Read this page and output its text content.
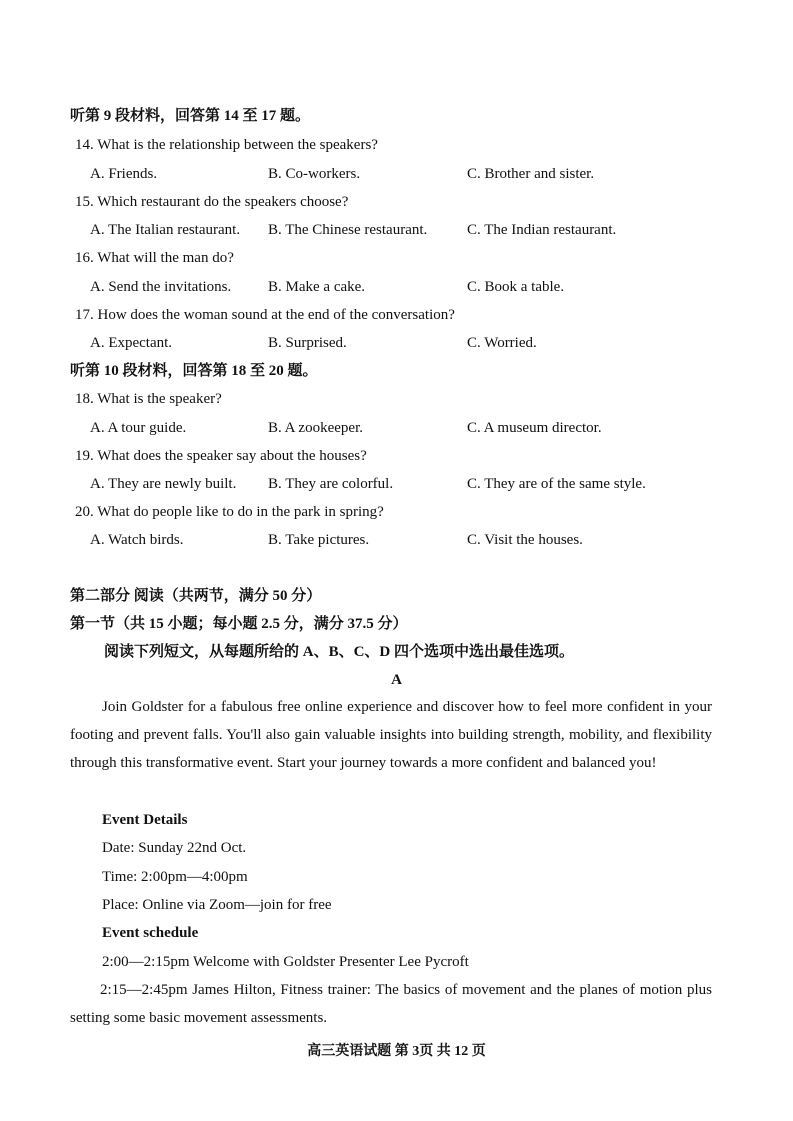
听第 9 段材料，回答第 14 至 17 题。
14. What is the relationship between the speakers?
A. Friends.	B. Co-workers.	C. Brother and sister.
15. Which restaurant do the speakers choose?
A. The Italian restaurant. B. The Chinese restaurant.	C. The Indian restaurant.
16. What will the man do?
A. Send the invitations. B. Make a cake.	C. Book a table.
17. How does the woman sound at the end of the conversation?
A. Expectant.	B. Surprised.	C. Worried.
听第 10 段材料，回答第 18 至 20 题。
18. What is the speaker?
A. A tour guide.	B. A zookeeper.	C. A museum director.
19. What does the speaker say about the houses?
A. They are newly built. B. They are colorful.	C. They are of the same style.
20. What do people like to do in the park in spring?
A. Watch birds.	B. Take pictures.	C. Visit the houses.
第二部分 阅读（共两节，满分 50 分）
第一节（共 15 小题；每小题 2.5 分，满分 37.5 分）
阅读下列短文，从每题所给的 A、B、C、D 四个选项中选出最佳选项。
A
Join Goldster for a fabulous free online experience and discover how to feel more confident in your footing and prevent falls. You'll also gain valuable insights into building strength, mobility, and flexibility through this transformative event. Start your journey towards a more confident and balanced you!
Event Details
Date: Sunday 22nd Oct.
Time: 2:00pm—4:00pm
Place: Online via Zoom—join for free
Event schedule
2:00—2:15pm Welcome with Goldster Presenter Lee Pycroft
2:15—2:45pm James Hilton, Fitness trainer: The basics of movement and the planes of motion plus setting some basic movement assessments.
高三英语试题 第 3页 共 12 页
